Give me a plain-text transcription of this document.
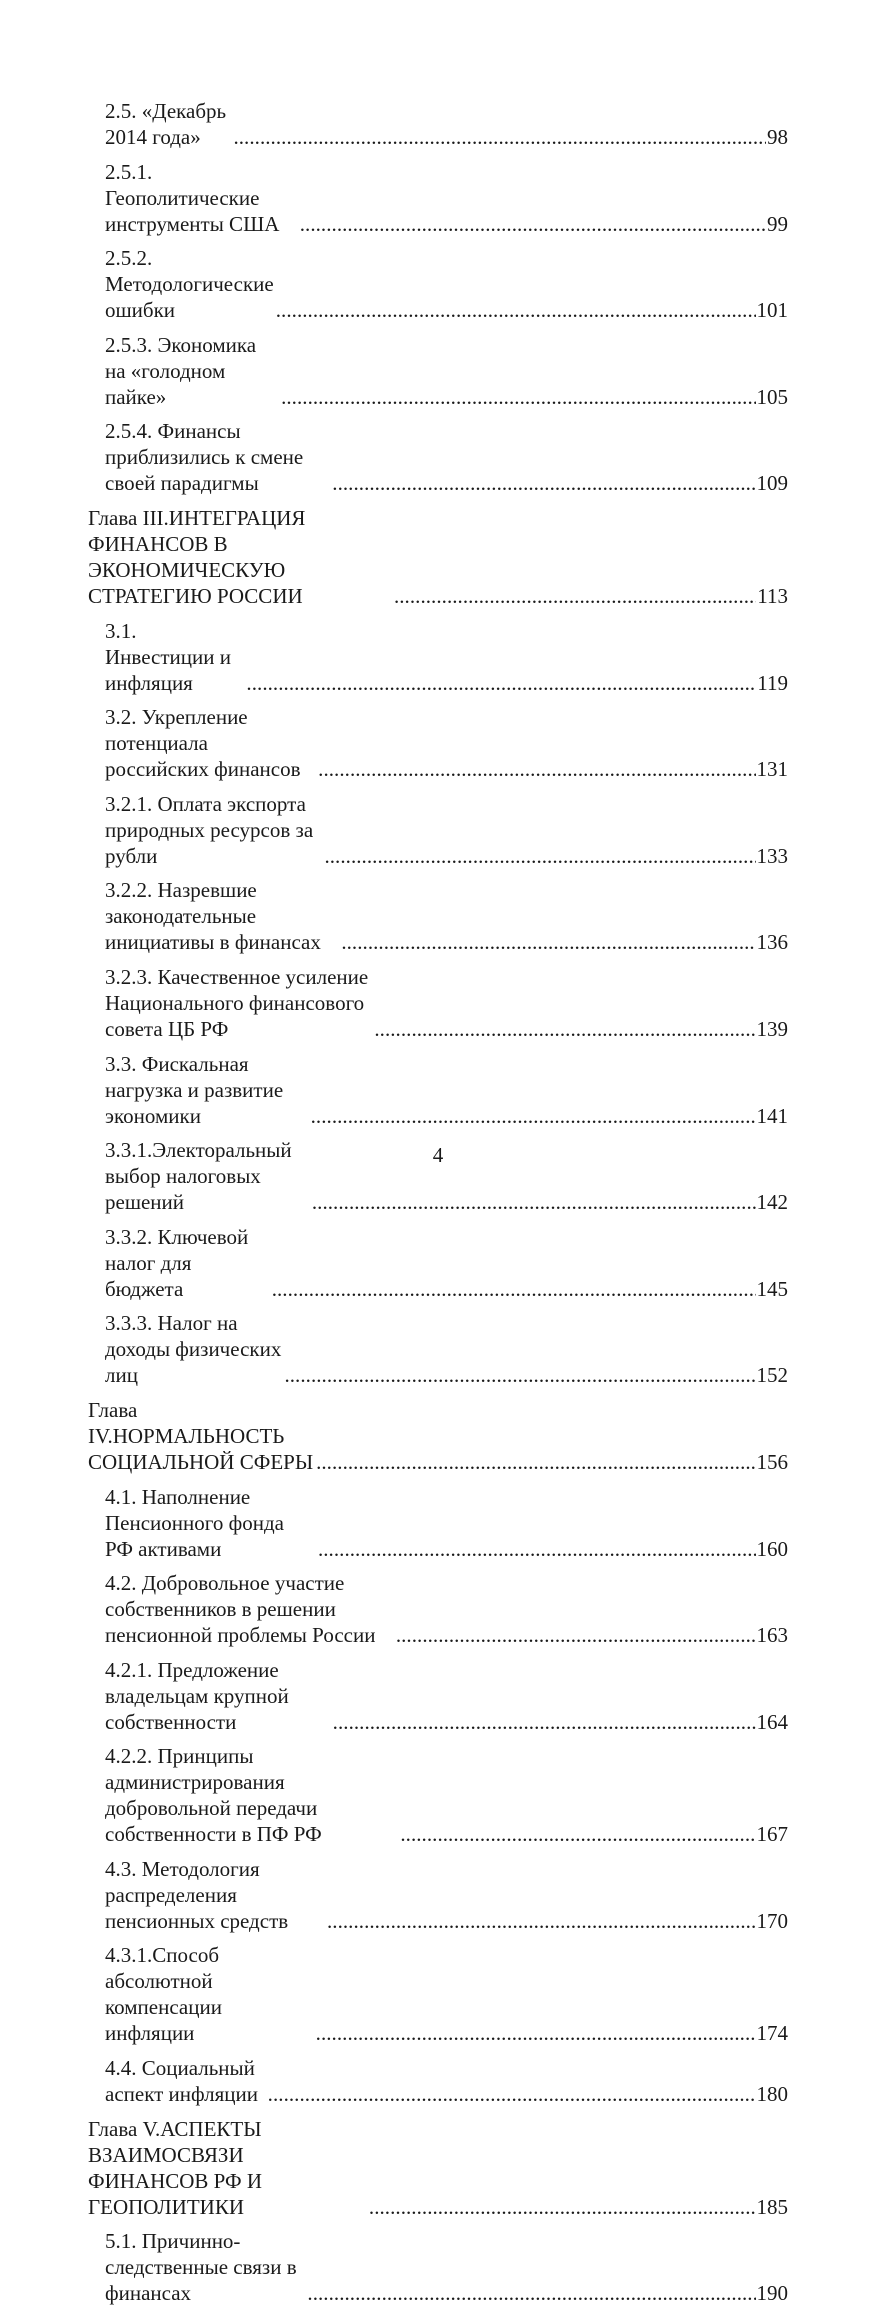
2.5. «Декабрь 2014 года» . . .	98
2.5.1. Геополитические инструменты США . . .	99
2.5.2. Методологические ошибки . . .	101
2.5.3. Экономика на «голодном пайке» . . .	105
2.5.4. Финансы приблизились к смене своей парадигмы . . .	109
Глава III.ИНТЕГРАЦИЯ ФИНАНСОВ В ЭКОНОМИЧЕСКУЮ СТРАТЕГИЮ РОССИИ . . .	113
3.1. Инвестиции и инфляция . . .	119
3.2. Укрепление потенциала российских финансов . . .	131
3.2.1. Оплата экспорта природных ресурсов за рубли . . .	133
3.2.2. Назревшие законодательные инициативы в финансах . . .	136
3.2.3. Качественное усиление Национального финансового совета ЦБ РФ . . .	139
3.3. Фискальная нагрузка и развитие экономики . . .	141
3.3.1.Электоральный выбор налоговых решений . . .	142
3.3.2. Ключевой налог для бюджета . . .	145
3.3.3. Налог на доходы физических лиц . . .	152
Глава IV.НОРМАЛЬНОСТЬ СОЦИАЛЬНОЙ СФЕРЫ . . .	156
4.1. Наполнение Пенсионного фонда РФ активами . . .	160
4.2. Добровольное участие собственников в решении пенсионной проблемы России . . .	163
4.2.1. Предложение владельцам крупной собственности . . .	164
4.2.2. Принципы администрирования добровольной передачи собственности в ПФ РФ . . .	167
4.3. Методология распределения пенсионных средств . . .	170
4.3.1.Способ абсолютной компенсации инфляции . . .	174
4.4. Социальный аспект инфляции . . .	180
Глава V.АСПЕКТЫ ВЗАИМОСВЯЗИ ФИНАНСОВ РФ И ГЕОПОЛИТИКИ . . .	185
5.1. Причинно-следственные связи в финансах . . .	190
4
